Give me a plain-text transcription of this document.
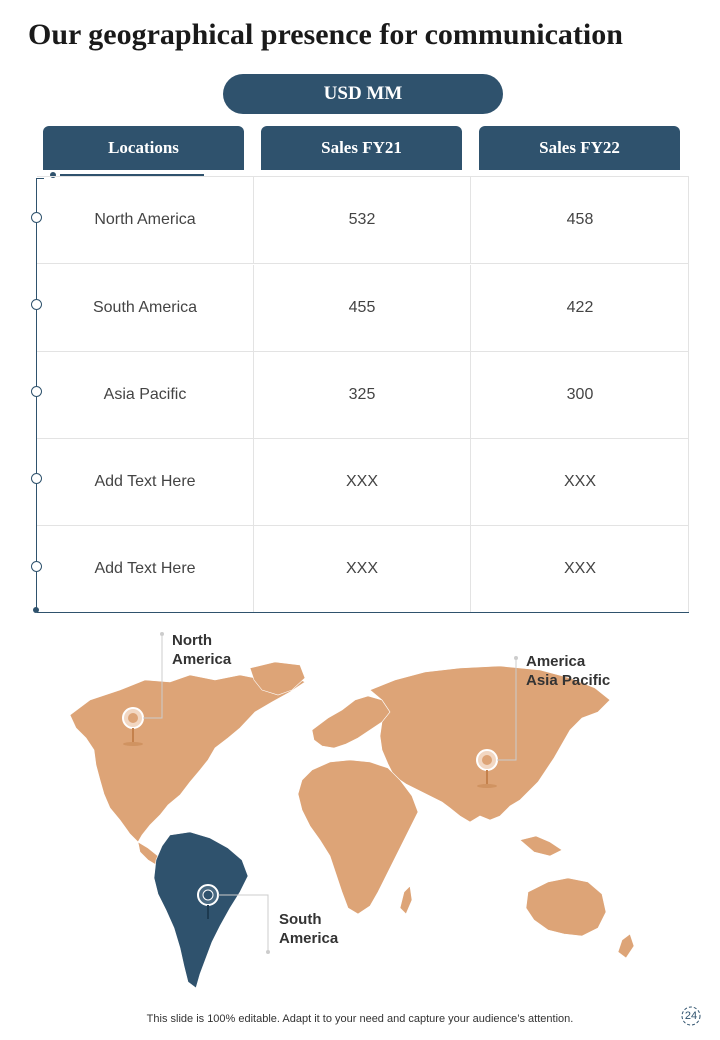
Our geographical presence for communication
USD MM
Locations	Sales FY21	Sales FY22
North America	532	458
South America	455	422
Asia Pacific	325	300
Add Text Here	XXX	XXX
Add Text Here	XXX	XXX
North
America	America
Asia Pacific
South
America
This slide is 100% editable. Adapt it to your need and capture your audience’s attention.	24
